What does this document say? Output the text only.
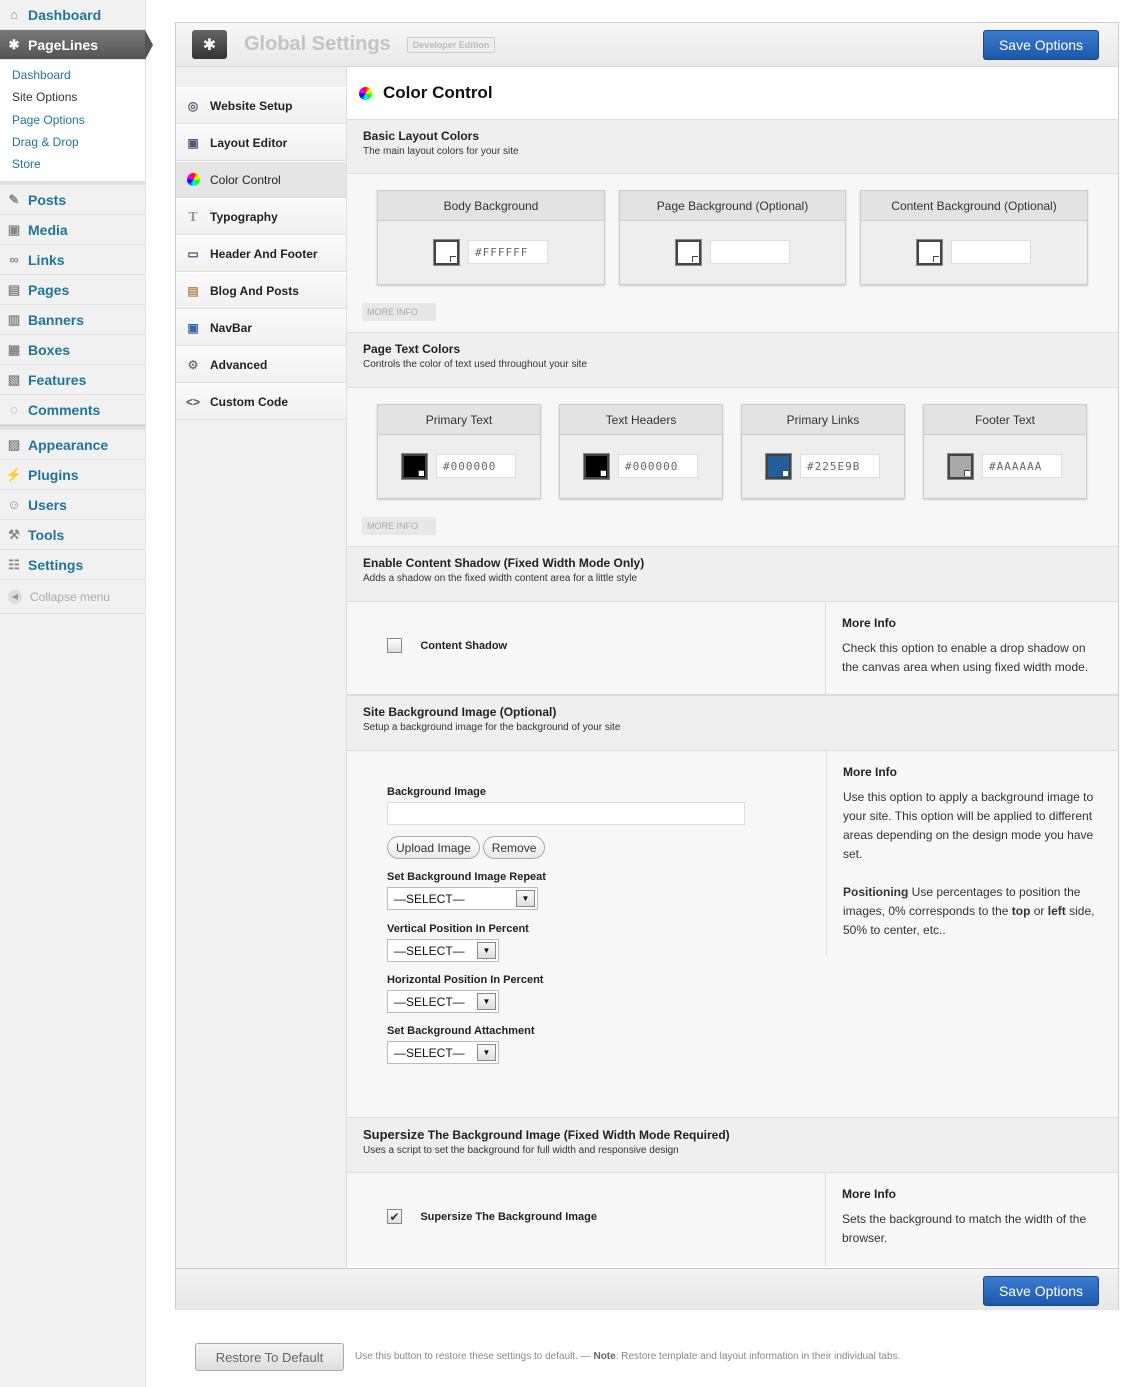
⌂ Dashboard
✱ PageLines
Dashboard
Site Options
Page Options
Drag & Drop
Store
✎ Posts
▣ Media
∞ Links
▤ Pages
▥ Banners
▦ Boxes
▧ Features
◌ Comments
▨ Appearance
⚡ Plugins
☺ Users
⚒ Tools
☷ Settings
◀ Collapse menu
✱	Global Settings	Developer Edition	Save Options
◎ Website Setup
▣ Layout Editor
Color Control
T Typography
▭ Header And Footer
▤ Blog And Posts
▣ NavBar
⚙ Advanced
<> Custom Code
Color Control
Basic Layout Colors
The main layout colors for your site
Body Background
#FFFFFF
Page Background (Optional)	Content Background (Optional)
MORE INFO
Page Text Colors
Controls the color of text used throughout your site
Primary Text
#000000
Text Headers
#000000
Primary Links
#225E9B
Footer Text
#AAAAAA
MORE INFO
Enable Content Shadow (Fixed Width Mode Only)
Adds a shadow on the fixed width content area for a little style
Content Shadow
More Info
Check this option to enable a drop shadow on the canvas area when using fixed width mode.
Site Background Image (Optional)
Setup a background image for the background of your site
Background Image
Upload Image	Remove
Set Background Image Repeat
—SELECT—	▼
Vertical Position In Percent
—SELECT—	▼
Horizontal Position In Percent
—SELECT—	▼
Set Background Attachment
—SELECT—	▼
More Info
Use this option to apply a background image to your site. This option will be applied to different areas depending on the design mode you have set.
Positioning Use percentages to position the images, 0% corresponds to the top or left side, 50% to center, etc..
Supersize The Background Image (Fixed Width Mode Required)
Uses a script to set the background for full width and responsive design
✔ Supersize The Background Image
More Info
Sets the background to match the width of the browser.
Save Options
Restore To Default	Use this button to restore these settings to default. — Note: Restore template and layout information in their individual tabs.
